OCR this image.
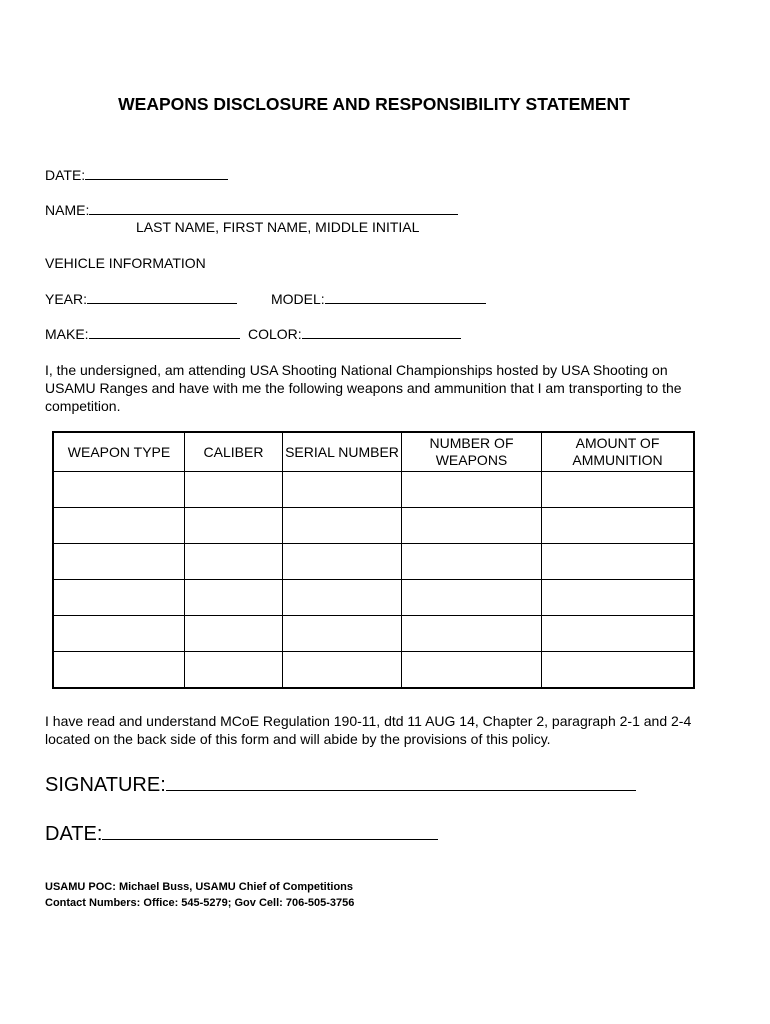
WEAPONS DISCLOSURE AND RESPONSIBILITY STATEMENT
DATE:
NAME:
LAST NAME, FIRST NAME, MIDDLE INITIAL
VEHICLE INFORMATION
YEAR:	MODEL:
MAKE:	COLOR:
I, the undersigned, am attending USA Shooting National Championships hosted by USA Shooting on USAMU Ranges and have with me the following weapons and ammunition that I am transporting to the competition.
WEAPON TYPE	CALIBER	SERIAL NUMBER	NUMBER OF WEAPONS	AMOUNT OF AMMUNITION

I have read and understand MCoE Regulation 190-11, dtd 11 AUG 14, Chapter 2, paragraph 2-1 and 2-4 located on the back side of this form and will abide by the provisions of this policy.
SIGNATURE:
DATE:
USAMU POC: Michael Buss, USAMU Chief of Competitions
Contact Numbers: Office: 545-5279; Gov Cell: 706-505-3756
